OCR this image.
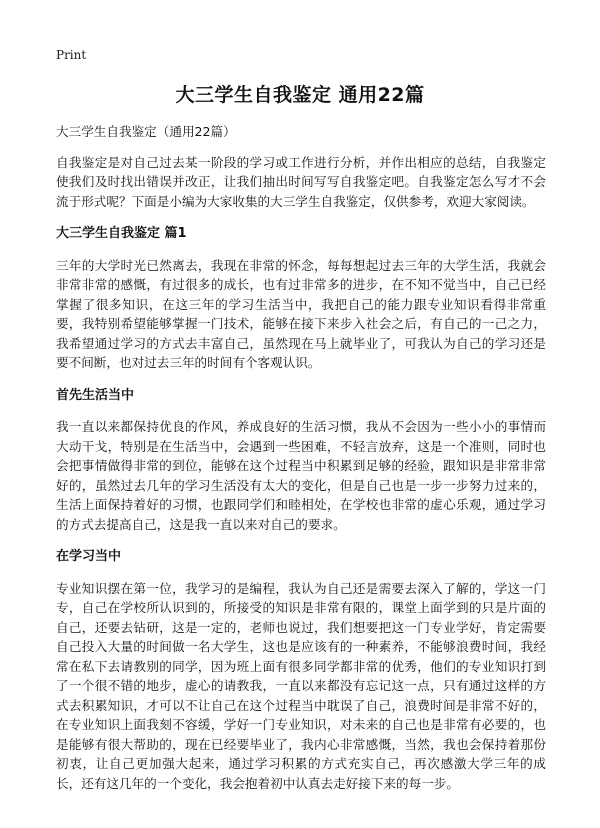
Print
大三学生自我鉴定 通用22篇

大三学生自我鉴定（通用22篇）

自我鉴定是对自己过去某一阶段的学习或工作进行分析，并作出相应的总结，自我鉴定使我们及时找出错误并改正，让我们抽出时间写写自我鉴定吧。自我鉴定怎么写才不会流于形式呢？下面是小编为大家收集的大三学生自我鉴定，仅供参考，欢迎大家阅读。

大三学生自我鉴定 篇1

三年的大学时光已然离去，我现在非常的怀念，每每想起过去三年的大学生活，我就会非常非常的感慨，有过很多的成长，也有过非常多的进步，在不知不觉当中，自己已经掌握了很多知识，在这三年的学习生活当中，我把自己的能力跟专业知识看得非常重要，我特别希望能够掌握一门技术，能够在接下来步入社会之后，有自己的一己之力，我希望通过学习的方式去丰富自己，虽然现在马上就毕业了，可我认为自己的学习还是要不间断，也对过去三年的时间有个客观认识。

首先生活当中

我一直以来都保持优良的作风，养成良好的生活习惯，我从不会因为一些小小的事情而大动干戈，特别是在生活当中，会遇到一些困难，不轻言放弃，这是一个准则，同时也会把事情做得非常的到位，能够在这个过程当中积累到足够的经验，跟知识是非常非常好的，虽然过去几年的学习生活没有太大的变化，但是自己也是一步一步努力过来的，生活上面保持着好的习惯，也跟同学们和睦相处，在学校也非常的虚心乐观，通过学习的方式去提高自己，这是我一直以来对自己的要求。

在学习当中

专业知识摆在第一位，我学习的是编程，我认为自己还是需要去深入了解的，学这一门专，自己在学校所认识到的，所接受的知识是非常有限的，课堂上面学到的只是片面的自己，还要去钻研，这是一定的，老师也说过，我们想要把这一门专业学好，肯定需要自己投入大量的时间做一名大学生，这也是应该有的一种素养，不能够浪费时间，我经常在私下去请教别的同学，因为班上面有很多同学都非常的优秀，他们的专业知识打到了一个很不错的地步，虚心的请教我，一直以来都没有忘记这一点，只有通过这样的方式去积累知识，才可以不让自己在这个过程当中耽误了自己，浪费时间是非常不好的，在专业知识上面我刻不容缓，学好一门专业知识，对未来的自己也是非常有必要的，也是能够有很大帮助的，现在已经要毕业了，我内心非常感慨，当然，我也会保持着那份初衷，让自己更加强大起来，通过学习积累的方式充实自己，再次感激大学三年的成长，还有这几年的一个变化，我会抱着初中认真去走好接下来的每一步。
